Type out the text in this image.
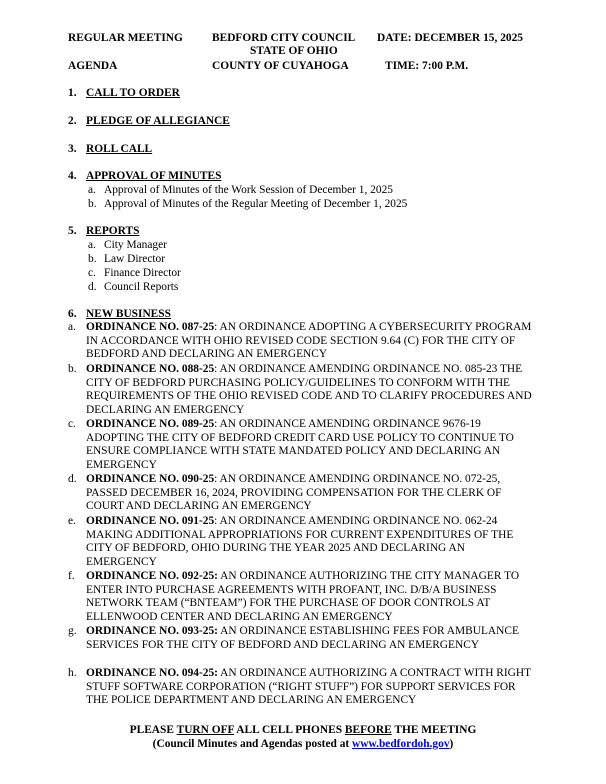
REGULAR MEETING	BEDFORD CITY COUNCIL DATE: DECEMBER 15, 2025
STATE OF OHIO
AGENDA	COUNTY OF CUYAHOGA	TIME: 7:00 P.M.
1. CALL TO ORDER
2. PLEDGE OF ALLEGIANCE
3. ROLL CALL
4. APPROVAL OF MINUTES
a. Approval of Minutes of the Work Session of December 1, 2025
b. Approval of Minutes of the Regular Meeting of December 1, 2025
5. REPORTS
a. City Manager
b. Law Director
c. Finance Director
d. Council Reports
6. NEW BUSINESS
a. ORDINANCE NO. 087-25: AN ORDINANCE ADOPTING A CYBERSECURITY PROGRAM IN ACCORDANCE WITH OHIO REVISED CODE SECTION 9.64 (C) FOR THE CITY OF BEDFORD AND DECLARING AN EMERGENCY
b. ORDINANCE NO. 088-25: AN ORDINANCE AMENDING ORDINANCE NO. 085-23 THE CITY OF BEDFORD PURCHASING POLICY/GUIDELINES TO CONFORM WITH THE REQUIREMENTS OF THE OHIO REVISED CODE AND TO CLARIFY PROCEDURES AND DECLARING AN EMERGENCY
c. ORDINANCE NO. 089-25: AN ORDINANCE AMENDING ORDINANCE 9676-19 ADOPTING THE CITY OF BEDFORD CREDIT CARD USE POLICY TO CONTINUE TO ENSURE COMPLIANCE WITH STATE MANDATED POLICY AND DECLARING AN EMERGENCY
d. ORDINANCE NO. 090-25: AN ORDINANCE AMENDING ORDINANCE NO. 072-25, PASSED DECEMBER 16, 2024, PROVIDING COMPENSATION FOR THE CLERK OF COURT AND DECLARING AN EMERGENCY
e. ORDINANCE NO. 091-25: AN ORDINANCE AMENDING ORDINANCE NO. 062-24 MAKING ADDITIONAL APPROPRIATIONS FOR CURRENT EXPENDITURES OF THE CITY OF BEDFORD, OHIO DURING THE YEAR 2025 AND DECLARING AN EMERGENCY
f. ORDINANCE NO. 092-25: AN ORDINANCE AUTHORIZING THE CITY MANAGER TO ENTER INTO PURCHASE AGREEMENTS WITH PROFANT, INC. D/B/A BUSINESS NETWORK TEAM (“BNTEAM”) FOR THE PURCHASE OF DOOR CONTROLS AT ELLENWOOD CENTER AND DECLARING AN EMERGENCY
g. ORDINANCE NO. 093-25: AN ORDINANCE ESTABLISHING FEES FOR AMBULANCE SERVICES FOR THE CITY OF BEDFORD AND DECLARING AN EMERGENCY
h. ORDINANCE NO. 094-25: AN ORDINANCE AUTHORIZING A CONTRACT WITH RIGHT STUFF SOFTWARE CORPORATION (“RIGHT STUFF”) FOR SUPPORT SERVICES FOR THE POLICE DEPARTMENT AND DECLARING AN EMERGENCY
PLEASE TURN OFF ALL CELL PHONES BEFORE THE MEETING
(Council Minutes and Agendas posted at www.bedfordoh.gov)
